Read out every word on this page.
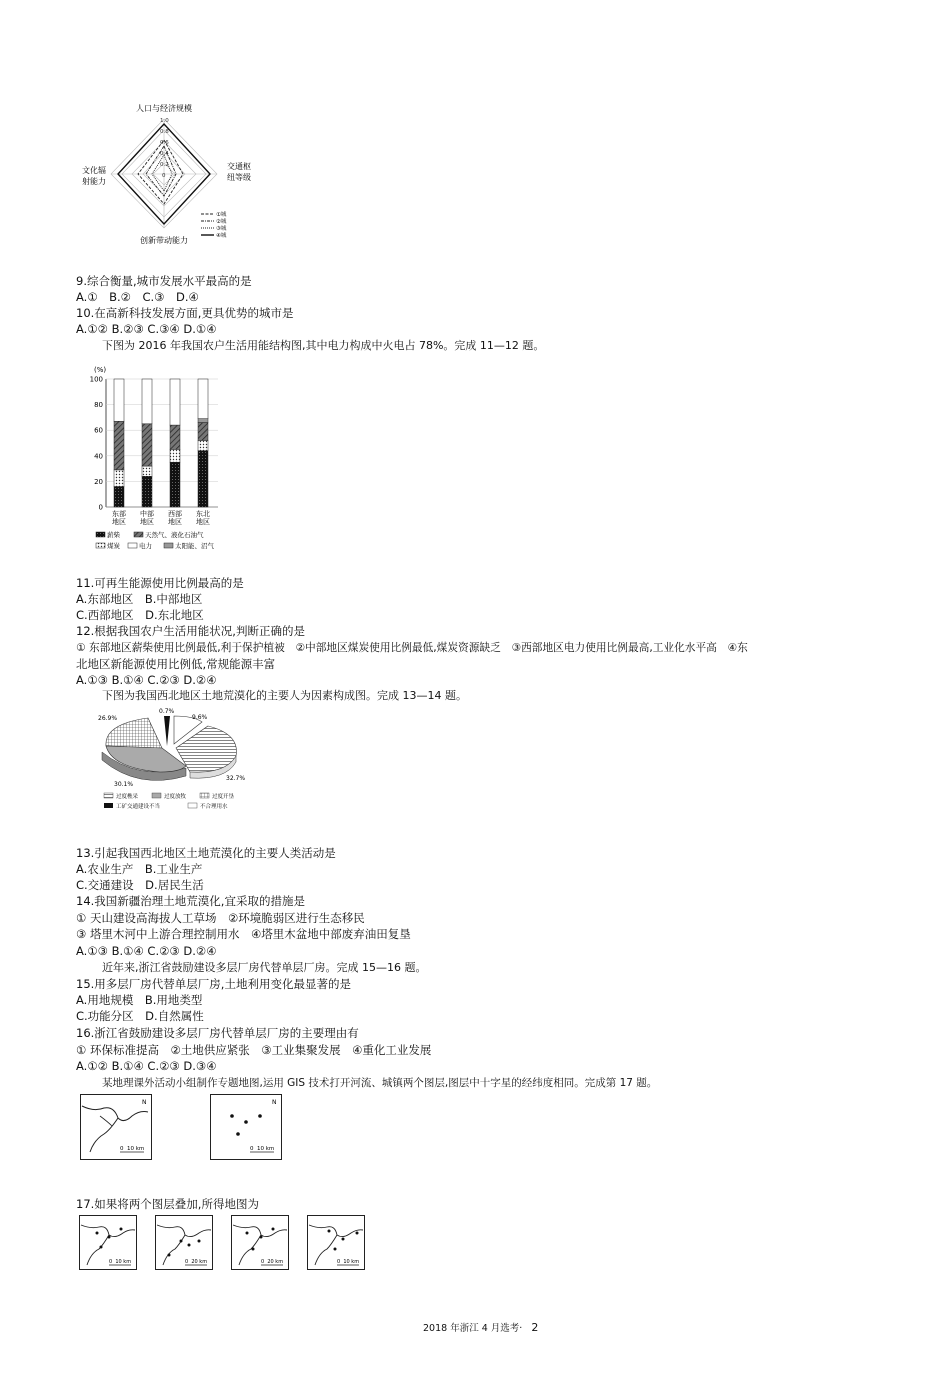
人口与经济规模
交通枢
纽等级
文化辐
射能力
创新带动能力
1.0
0.8
0.6
0.4
0.2
0
①城
②城
③城
④城
9.综合衡量,城市发展水平最高的是
A.①　B.②　C.③　D.④
10.在高新科技发展方面,更具优势的城市是
A.①② B.②③ C.③④ D.①④
下图为 2016 年我国农户生活用能结构图,其中电力构成中火电占 78%。完成 11—12 题。
(%)
100
80
60
40
20
0
东部
地区
中部
地区
西部
地区
东北
地区
薪柴	天然气、液化石油气
煤炭	电力	太阳能、沼气
11.可再生能源使用比例最高的是
A.东部地区　B.中部地区
C.西部地区　D.东北地区
12.根据我国农户生活用能状况,判断正确的是
① 东部地区薪柴使用比例最低,利于保护植被　②中部地区煤炭使用比例最低,煤炭资源缺乏　③西部地区电力使用比例最高,工业化水平高　④东
北地区新能源使用比例低,常规能源丰富
A.①③ B.①④ C.②③ D.②④
下图为我国西北地区土地荒漠化的主要人为因素构成图。完成 13—14 题。
26.9%
0.7%
9.6%
32.7%
30.1%
过度樵采	过度放牧	过度开垦
工矿交通建设不当	不合理用水
13.引起我国西北地区土地荒漠化的主要人类活动是
A.农业生产　B.工业生产
C.交通建设　D.居民生活
14.我国新疆治理土地荒漠化,宜采取的措施是
① 天山建设高海拔人工草场　②环境脆弱区进行生态移民
③ 塔里木河中上游合理控制用水　④塔里木盆地中部废弃油田复垦
A.①③ B.①④ C.②③ D.②④
近年来,浙江省鼓励建设多层厂房代替单层厂房。完成 15—16 题。
15.用多层厂房代替单层厂房,土地利用变化最显著的是
A.用地规模　B.用地类型
C.功能分区　D.自然属性
16.浙江省鼓励建设多层厂房代替单层厂房的主要理由有
① 环保标准提高　②土地供应紧张　③工业集聚发展　④重化工业发展
A.①② B.①④ C.②③ D.③④
某地理课外活动小组制作专题地图,运用 GIS 技术打开河流、城镇两个图层,图层中十字星的经纬度相同。完成第 17 题。
N
0  10 km
N
0  10 km
17.如果将两个图层叠加,所得地图为
0  10 km	0  20 km	0  20 km	0  10 km
2018 年浙江 4 月选考· 2
